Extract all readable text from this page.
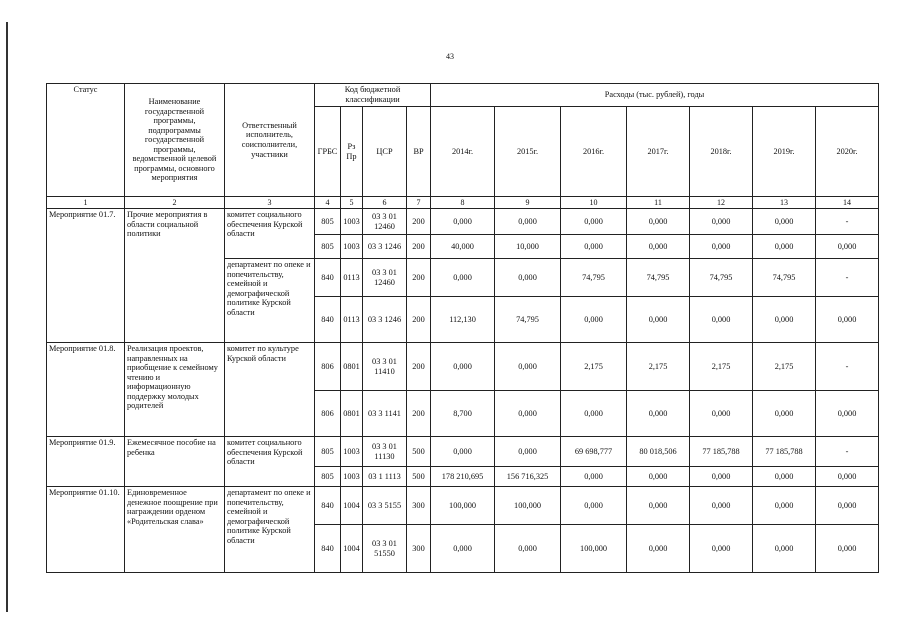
43
Статус	Наименование государственной программы, подпрограммы государственной программы, ведомственной целевой программы, основного мероприятия	Ответственный исполнитель, соисполнители, участники	Код бюджетной классификации				Расходы (тыс. рублей), годы						
			ГРБС	Рз Пр	ЦСР	ВР	2014г.	2015г.	2016г.	2017г.	2018г.	2019г.	2020г.
1	2	3	4	5	6	7	8	9	10	11	12	13	14
Мероприятие 01.7.	Прочие мероприятия в области социальной политики	комитет социального обеспечения Курской области	805	1003	03 3 01 12460	200	0,000	0,000	0,000	0,000	0,000	0,000	-
			805	1003	03 3 1246	200	40,000	10,000	0,000	0,000	0,000	0,000	0,000
		департамент по опеке и попечительству, семейной и демографической политике Курской области	840	0113	03 3 01 12460	200	0,000	0,000	74,795	74,795	74,795	74,795	-
			840	0113	03 3 1246	200	112,130	74,795	0,000	0,000	0,000	0,000	0,000
Мероприятие 01.8.	Реализация проектов, направленных на приобщение к семейному чтению и информационную поддержку молодых родителей	комитет по культуре Курской области	806	0801	03 3 01 11410	200	0,000	0,000	2,175	2,175	2,175	2,175	-
			806	0801	03 3 1141	200	8,700	0,000	0,000	0,000	0,000	0,000	0,000
Мероприятие 01.9.	Ежемесячное пособие на ребенка	комитет социального обеспечения Курской области	805	1003	03 3 01 11130	500	0,000	0,000	69 698,777	80 018,506	77 185,788	77 185,788	-
			805	1003	03 1 1113	500	178 210,695	156 716,325	0,000	0,000	0,000	0,000	0,000
Мероприятие 01.10.	Единовременное денежное поощрение при награждении орденом «Родительская слава»	департамент по опеке и попечительству, семейной и демографической политике Курской области	840	1004	03 3 5155	300	100,000	100,000	0,000	0,000	0,000	0,000	0,000
			840	1004	03 3 01 51550	300	0,000	0,000	100,000	0,000	0,000	0,000	0,000
